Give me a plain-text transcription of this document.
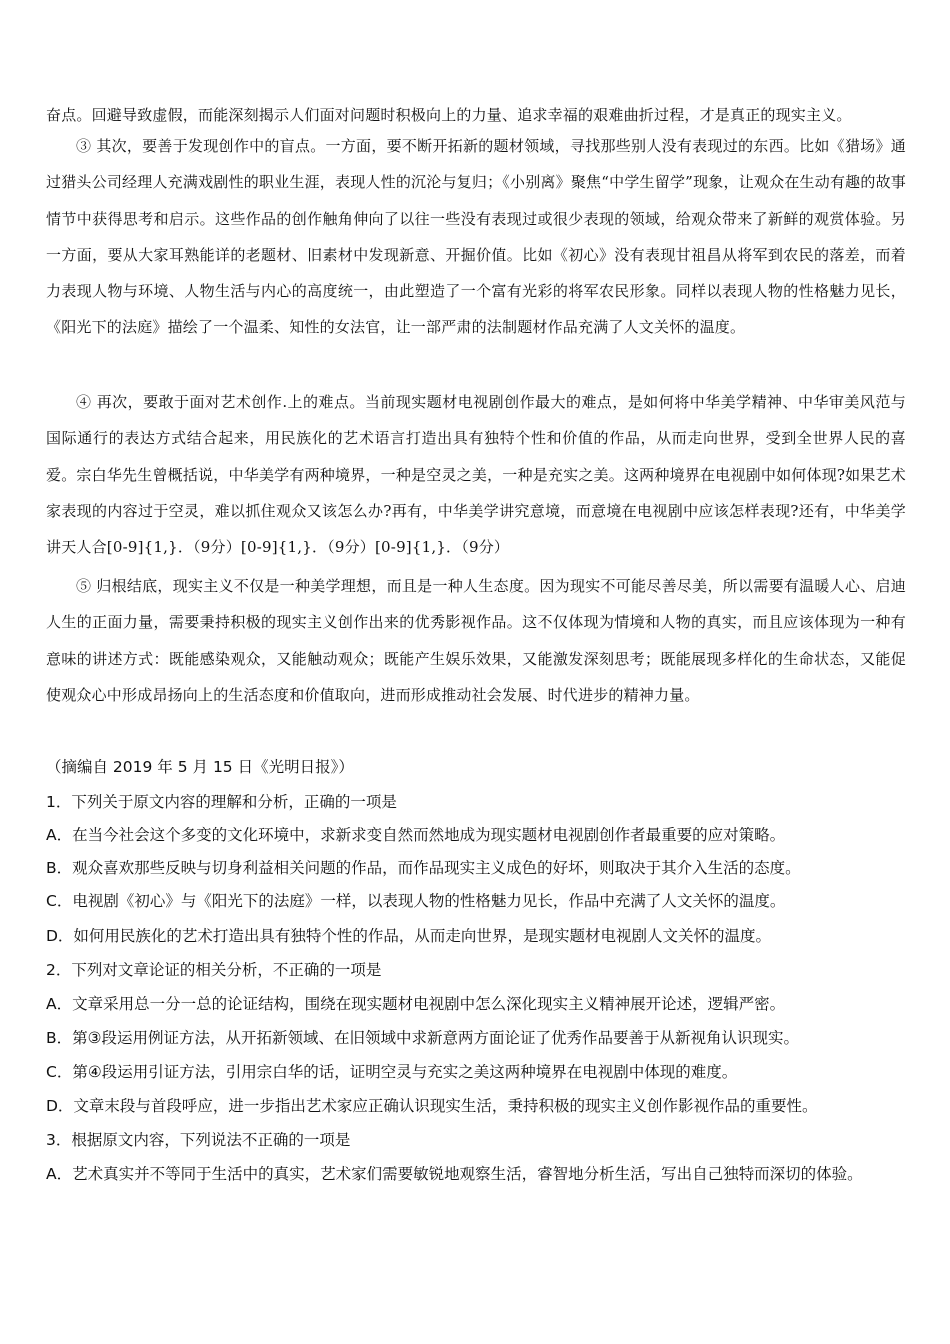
奋点。回避导致虚假，而能深刻揭示人们面对问题时积极向上的力量、追求幸福的艰难曲折过程，才是真正的现实主义。

③ 其次，要善于发现创作中的盲点。一方面，要不断开拓新的题材领域，寻找那些别人没有表现过的东西。比如《猎场》通过猎头公司经理人充满戏剧性的职业生涯，表现人性的沉沦与复归；《小别离》聚焦“中学生留学”现象，让观众在生动有趣的故事情节中获得思考和启示。这些作品的创作触角伸向了以往一些没有表现过或很少表现的领域，给观众带来了新鲜的观赏体验。另一方面，要从大家耳熟能详的老题材、旧素材中发现新意、开掘价值。比如《初心》没有表现甘祖昌从将军到农民的落差，而着力表现人物与环境、人物生活与内心的高度统一，由此塑造了一个富有光彩的将军农民形象。同样以表现人物的性格魅力见长，《阳光下的法庭》描绘了一个温柔、知性的女法官，让一部严肃的法制题材作品充满了人文关怀的温度。

④ 再次，要敢于面对艺术创作.上的难点。当前现实题材电视剧创作最大的难点，是如何将中华美学精神、中华审美风范与国际通行的表达方式结合起来，用民族化的艺术语言打造出具有独特个性和价值的作品，从而走向世界，受到全世界人民的喜爱。宗白华先生曾概括说，中华美学有两种境界，一种是空灵之美，一种是充实之美。这两种境界在电视剧中如何体现?如果艺术家表现的内容过于空灵，难以抓住观众又该怎么办?再有，中华美学讲究意境，而意境在电视剧中应该怎样表现?还有，中华美学讲天人合[0-9]{1,}．（9分）[0-9]{1,}．（9分）[0-9]{1,}．（9分）

⑤ 归根结底，现实主义不仅是一种美学理想，而且是一种人生态度。因为现实不可能尽善尽美，所以需要有温暖人心、启迪人生的正面力量，需要秉持积极的现实主义创作出来的优秀影视作品。这不仅体现为情境和人物的真实，而且应该体现为一种有意味的讲述方式：既能感染观众，又能触动观众；既能产生娱乐效果，又能激发深刻思考；既能展现多样化的生命状态，又能促使观众心中形成昂扬向上的生活态度和价值取向，进而形成推动社会发展、时代进步的精神力量。

（摘编自 2019 年 5 月 15 日《光明日报》）

1．下列关于原文内容的理解和分析，正确的一项是

A．在当今社会这个多变的文化环境中，求新求变自然而然地成为现实题材电视剧创作者最重要的应对策略。

B．观众喜欢那些反映与切身利益相关问题的作品，而作品现实主义成色的好坏，则取决于其介入生活的态度。

C．电视剧《初心》与《阳光下的法庭》一样，以表现人物的性格魅力见长，作品中充满了人文关怀的温度。

D．如何用民族化的艺术打造出具有独特个性的作品，从而走向世界，是现实题材电视剧人文关怀的温度。

2．下列对文章论证的相关分析，不正确的一项是

A．文章采用总一分一总的论证结构，围绕在现实题材电视剧中怎么深化现实主义精神展开论述，逻辑严密。

B．第③段运用例证方法，从开拓新领域、在旧领域中求新意两方面论证了优秀作品要善于从新视角认识现实。

C．第④段运用引证方法，引用宗白华的话，证明空灵与充实之美这两种境界在电视剧中体现的难度。

D．文章末段与首段呼应，进一步指出艺术家应正确认识现实生活，秉持积极的现实主义创作影视作品的重要性。

3．根据原文内容，下列说法不正确的一项是

A．艺术真实并不等同于生活中的真实，艺术家们需要敏锐地观察生活，睿智地分析生活，写出自己独特而深切的体验。
